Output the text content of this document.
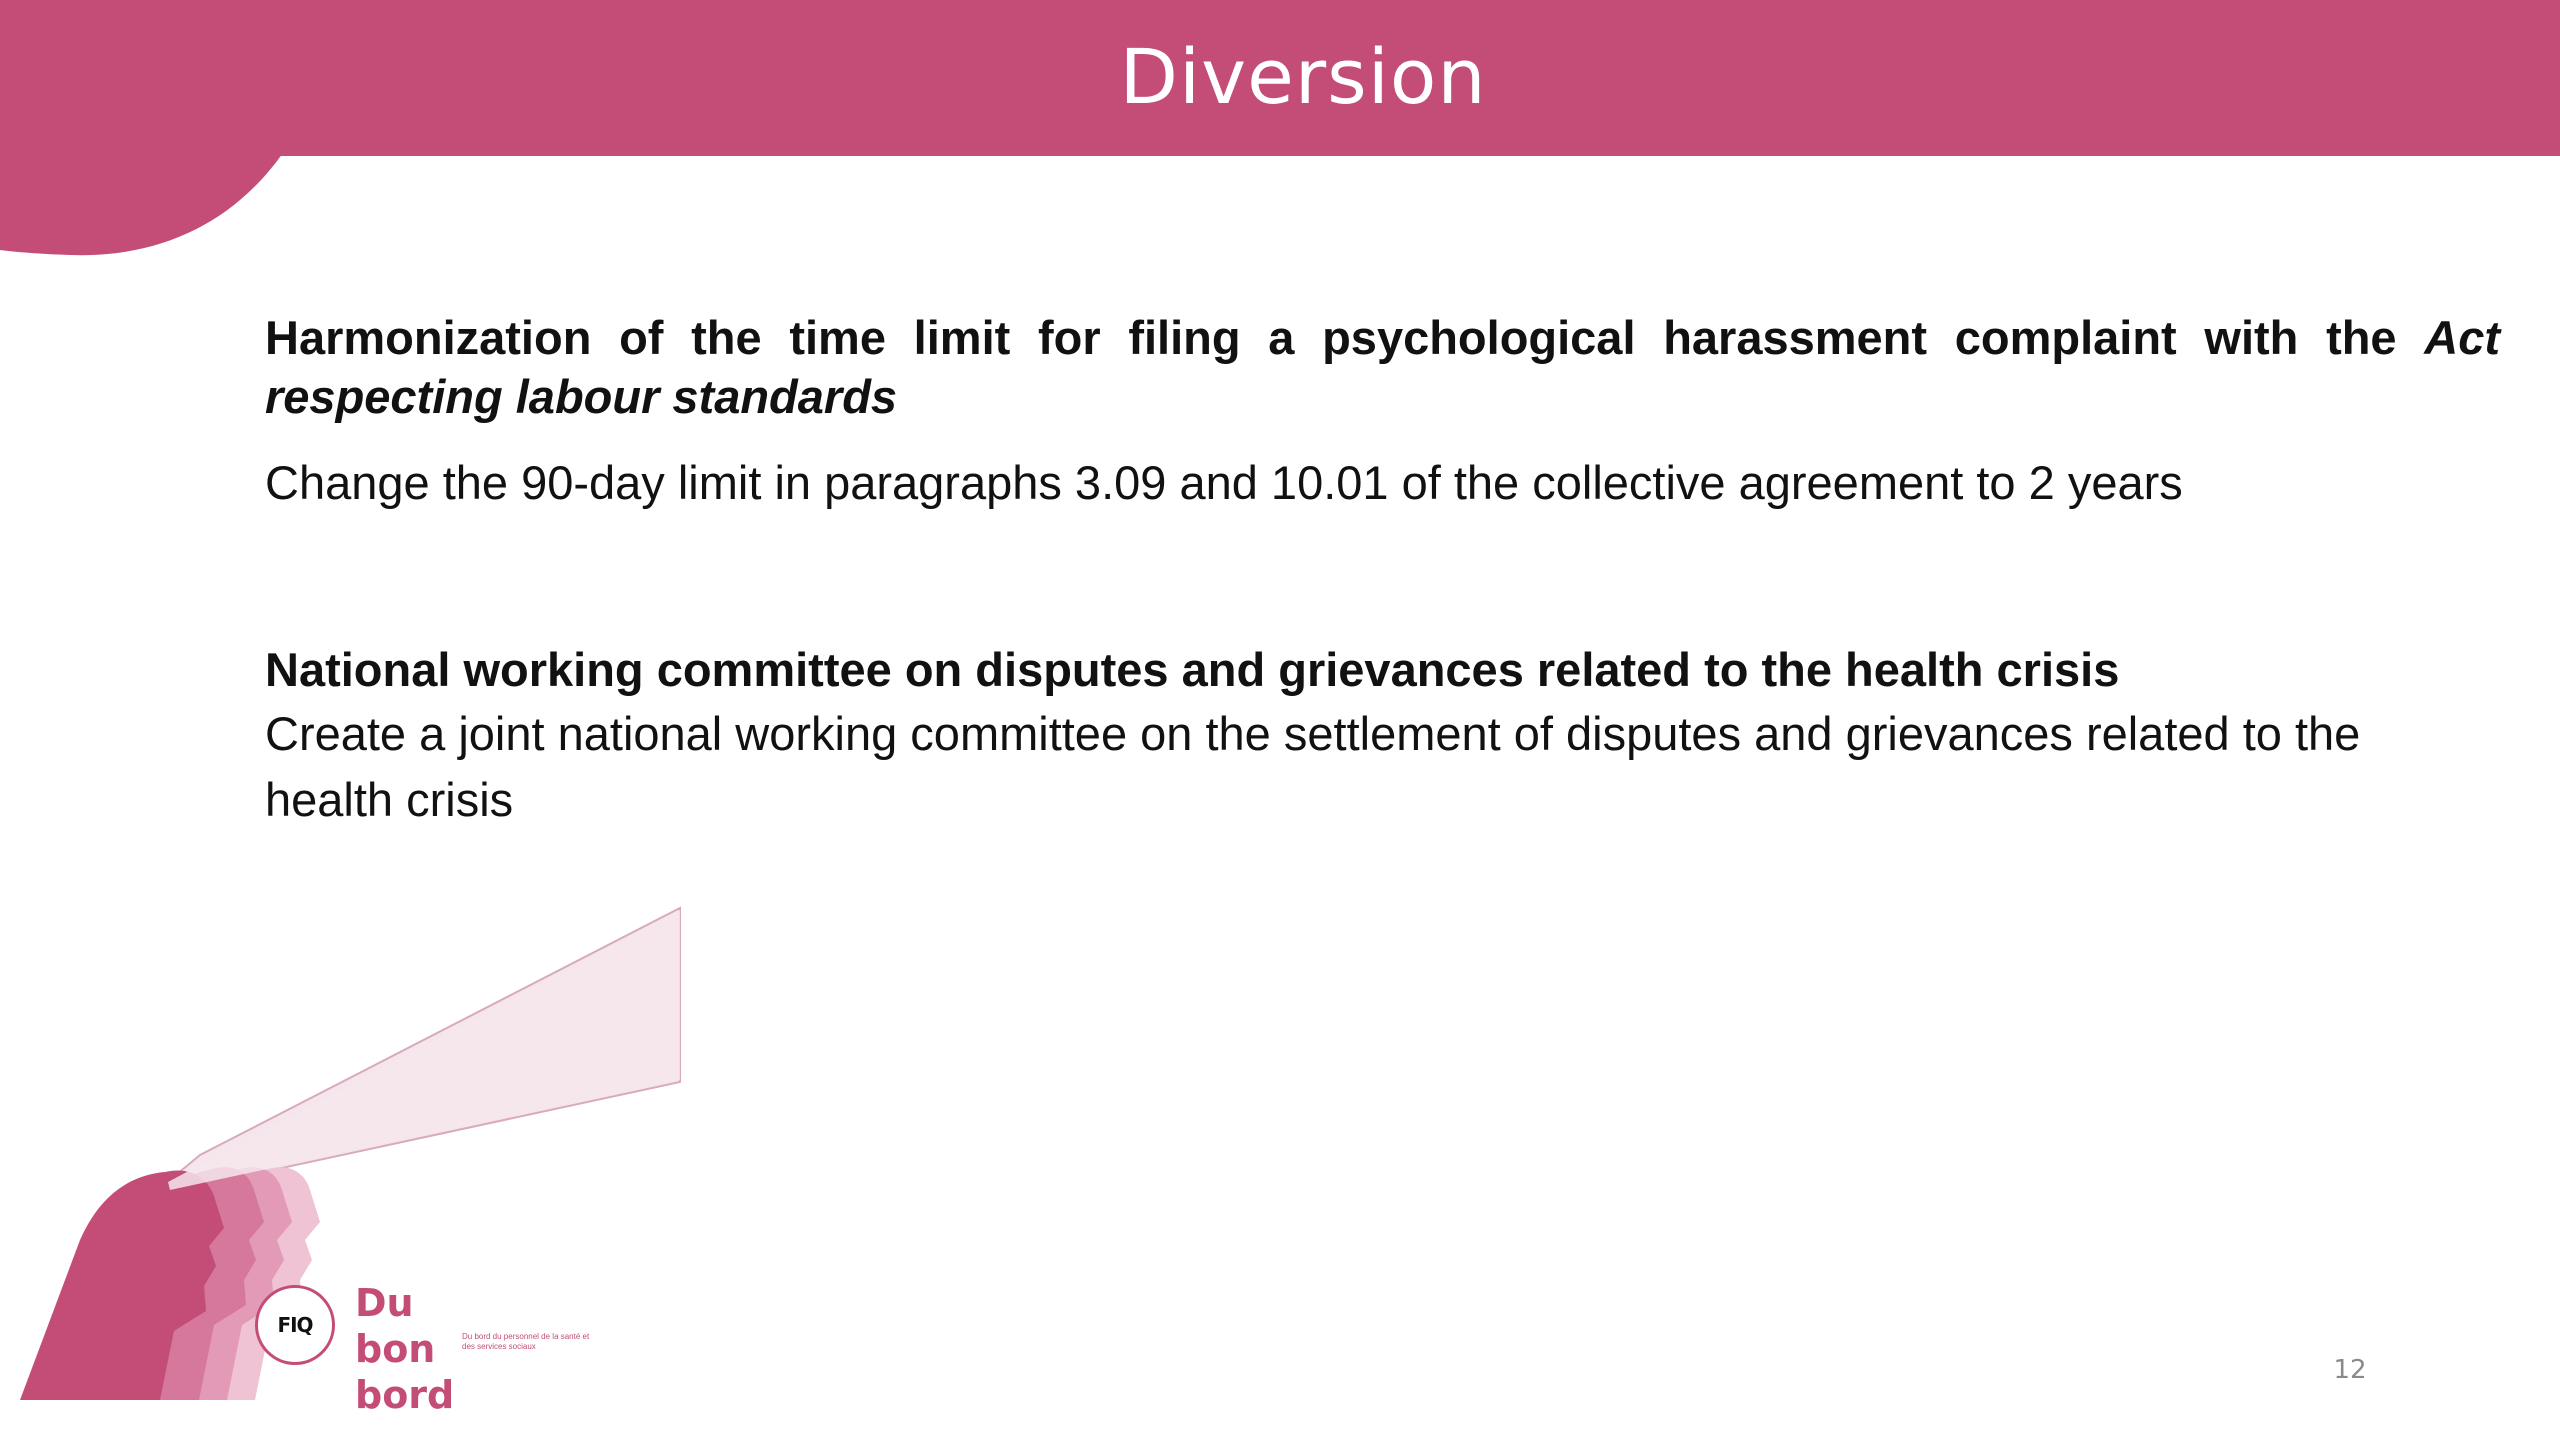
Diversion

Harmonization of the time limit for filing a psychological harassment complaint with the Act respecting labour standards

Change the 90-day limit in paragraphs 3.09 and 10.01 of the collective agreement to 2 years

National working committee on disputes and grievances related to the health crisis

Create a joint national working committee on the settlement of disputes and grievances related to the health crisis

FIQ	Du bon
bord
Du bord du personnel de la santé et des services sociaux
12
